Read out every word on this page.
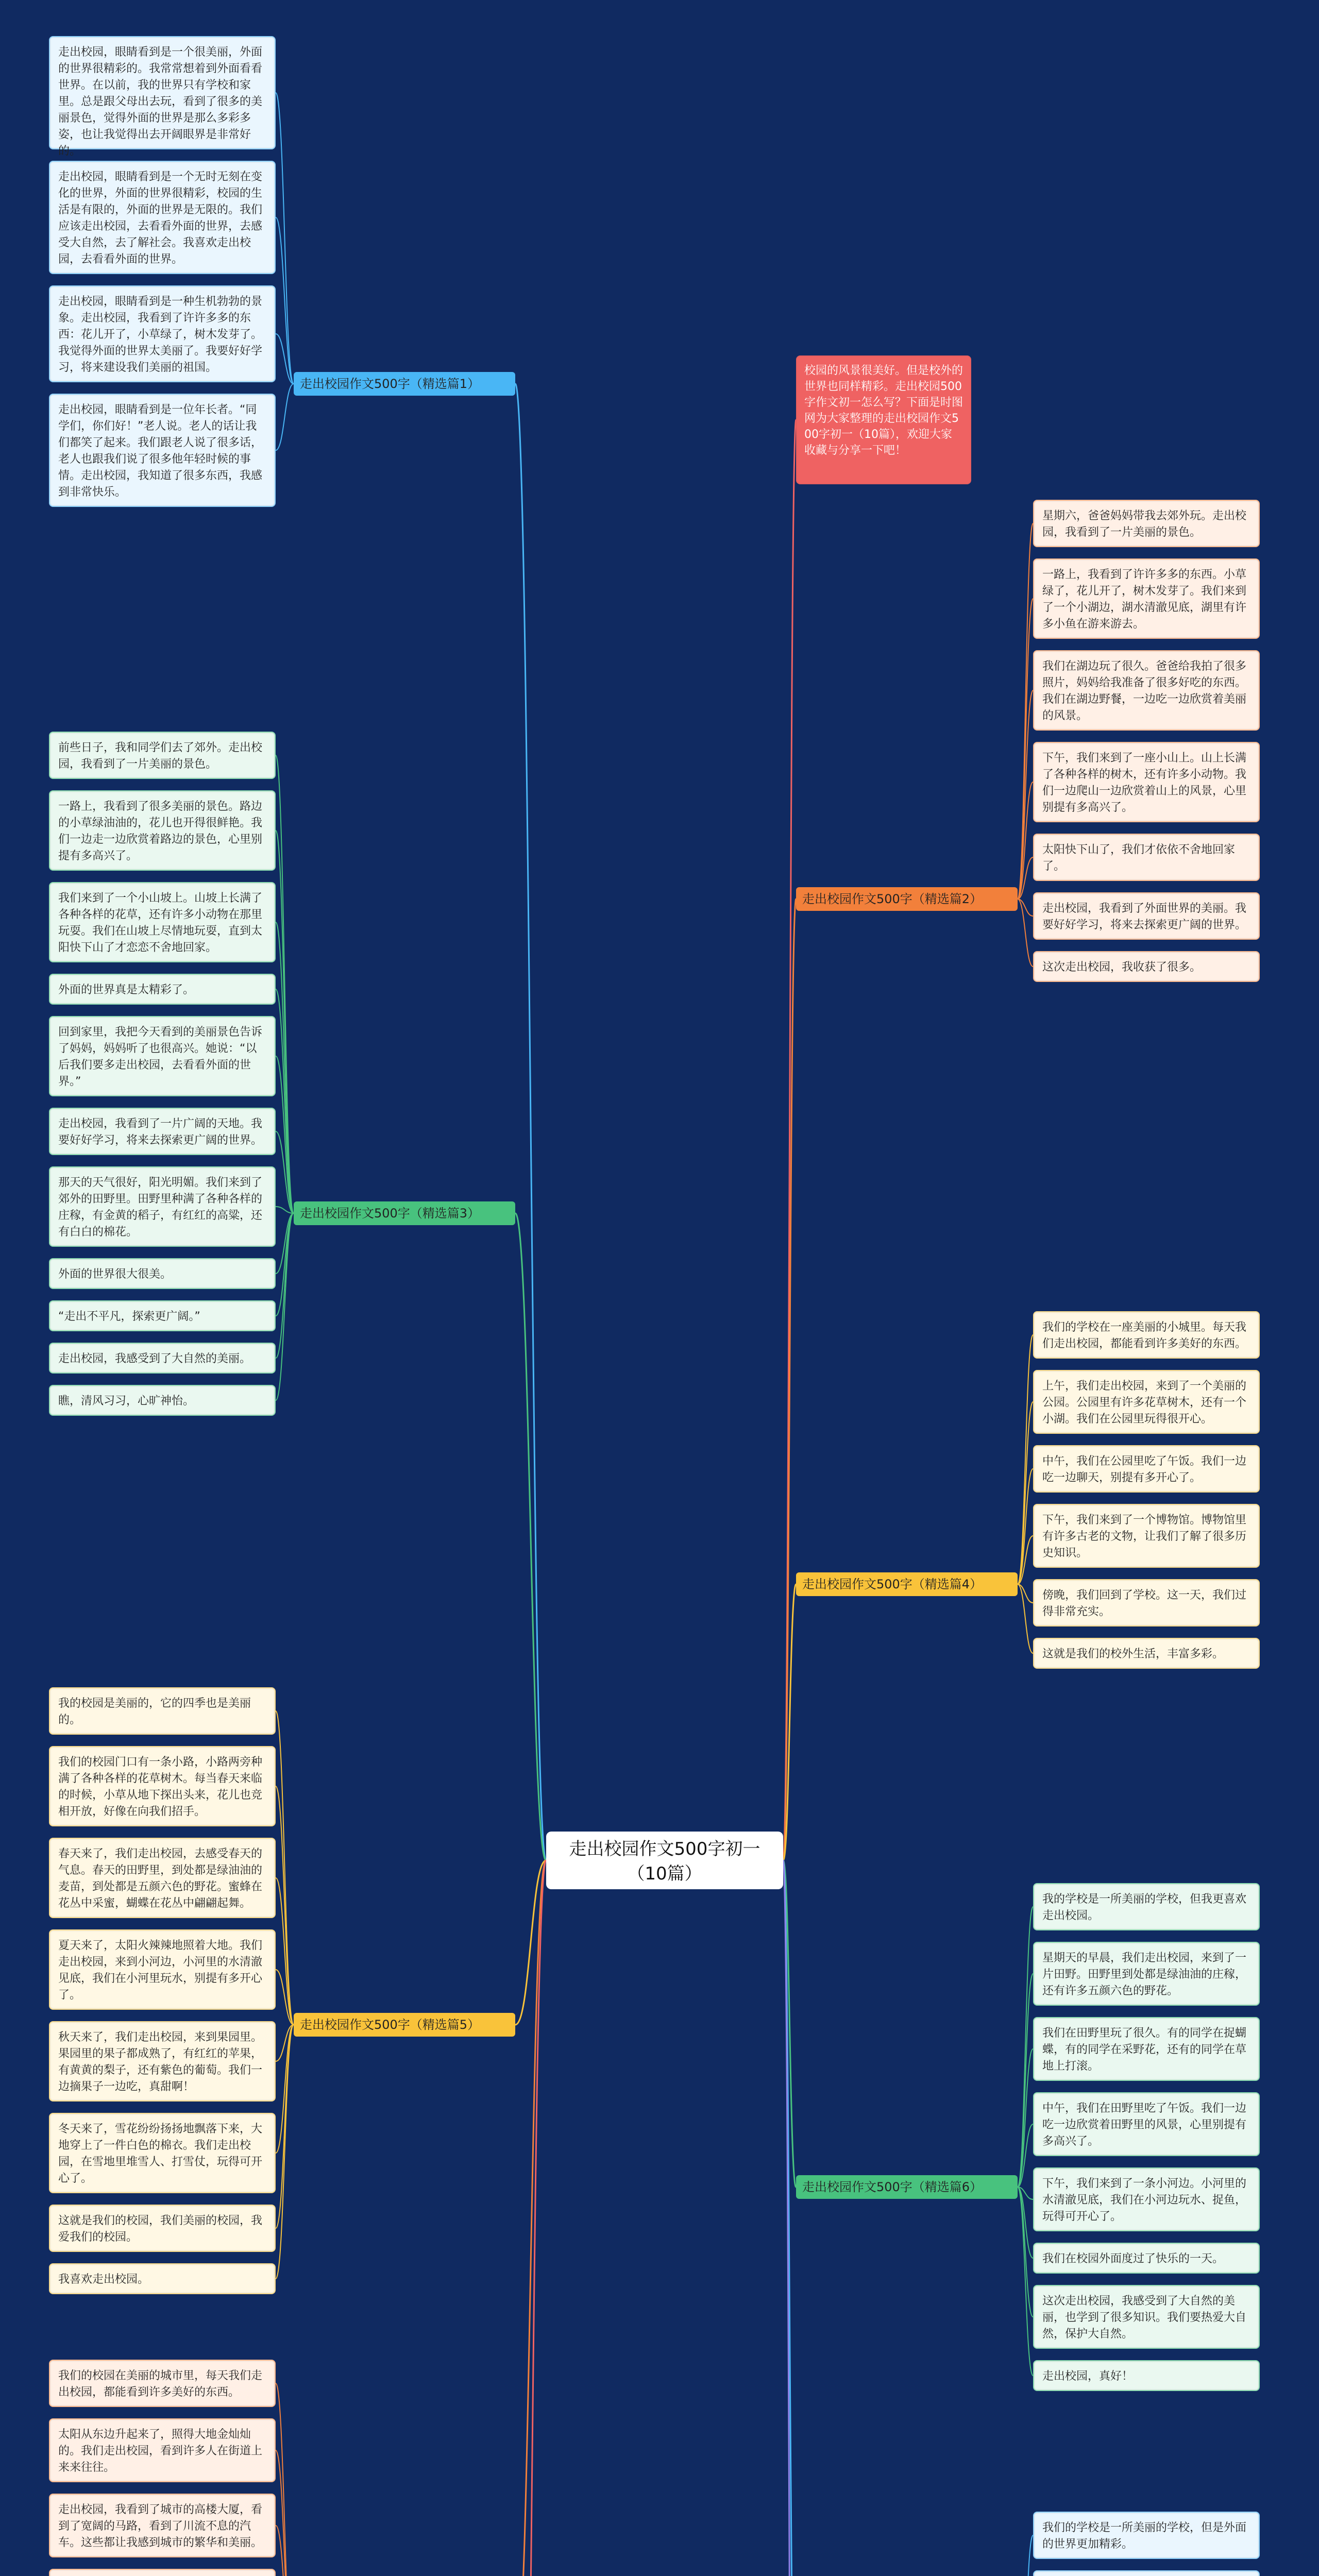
走出校园作文500字初一（10篇）
校园的风景很美好。但是校外的世界也同样精彩。走出校园500字作文初一怎么写？下面是时图网为大家整理的走出校园作文500字初一（10篇），欢迎大家收藏与分享一下吧！
走出校园作文500字（精选篇1）
走出校园，眼睛看到是一个很美丽，外面的世界很精彩的。我常常想着到外面看看世界。在以前，我的世界只有学校和家里。总是跟父母出去玩，看到了很多的美丽景色，觉得外面的世界是那么多彩多姿，也让我觉得出去开阔眼界是非常好的。
走出校园，眼睛看到是一个无时无刻在变化的世界，外面的世界很精彩，校园的生活是有限的，外面的世界是无限的。我们应该走出校园，去看看外面的世界，去感受大自然，去了解社会。我喜欢走出校园，去看看外面的世界。
走出校园，眼睛看到是一种生机勃勃的景象。走出校园，我看到了许许多多的东西：花儿开了，小草绿了，树木发芽了。我觉得外面的世界太美丽了。我要好好学习，将来建设我们美丽的祖国。
走出校园，眼睛看到是一位年长者。“同学们，你们好！”老人说。老人的话让我们都笑了起来。我们跟老人说了很多话，老人也跟我们说了很多他年轻时候的事情。走出校园，我知道了很多东西，我感到非常快乐。
走出校园作文500字（精选篇3）
前些日子，我和同学们去了郊外。走出校园，我看到了一片美丽的景色。
一路上，我看到了很多美丽的景色。路边的小草绿油油的，花儿也开得很鲜艳。我们一边走一边欣赏着路边的景色，心里别提有多高兴了。
我们来到了一个小山坡上。山坡上长满了各种各样的花草，还有许多小动物在那里玩耍。我们在山坡上尽情地玩耍，直到太阳快下山了才恋恋不舍地回家。
外面的世界真是太精彩了。
回到家里，我把今天看到的美丽景色告诉了妈妈，妈妈听了也很高兴。她说：“以后我们要多走出校园，去看看外面的世界。”
走出校园，我看到了一片广阔的天地。我要好好学习，将来去探索更广阔的世界。
那天的天气很好，阳光明媚。我们来到了郊外的田野里。田野里种满了各种各样的庄稼，有金黄的稻子，有红红的高粱，还有白白的棉花。
外面的世界很大很美。
“走出不平凡，探索更广阔。”
走出校园，我感受到了大自然的美丽。
瞧，清风习习，心旷神怡。
走出校园作文500字（精选篇5）
我的校园是美丽的，它的四季也是美丽的。
我们的校园门口有一条小路，小路两旁种满了各种各样的花草树木。每当春天来临的时候，小草从地下探出头来，花儿也竞相开放，好像在向我们招手。
春天来了，我们走出校园，去感受春天的气息。春天的田野里，到处都是绿油油的麦苗，到处都是五颜六色的野花。蜜蜂在花丛中采蜜，蝴蝶在花丛中翩翩起舞。
夏天来了，太阳火辣辣地照着大地。我们走出校园，来到小河边，小河里的水清澈见底，我们在小河里玩水，别提有多开心了。
秋天来了，我们走出校园，来到果园里。果园里的果子都成熟了，有红红的苹果，有黄黄的梨子，还有紫色的葡萄。我们一边摘果子一边吃，真甜啊！
冬天来了，雪花纷纷扬扬地飘落下来，大地穿上了一件白色的棉衣。我们走出校园，在雪地里堆雪人、打雪仗，玩得可开心了。
这就是我们的校园，我们美丽的校园，我爱我们的校园。
我喜欢走出校园。
我们的校园在美丽的城市里，每天我们走出校园，都能看到许多美好的东西。
太阳从东边升起来了，照得大地金灿灿的。我们走出校园，看到许多人在街道上来来往往。
走出校园，我看到了城市的高楼大厦，看到了宽阔的马路，看到了川流不息的汽车。这些都让我感到城市的繁华和美丽。
走出校园作文500字（精选篇2）
星期六，爸爸妈妈带我去郊外玩。走出校园，我看到了一片美丽的景色。
一路上，我看到了许许多多的东西。小草绿了，花儿开了，树木发芽了。我们来到了一个小湖边，湖水清澈见底，湖里有许多小鱼在游来游去。
我们在湖边玩了很久。爸爸给我拍了很多照片，妈妈给我准备了很多好吃的东西。我们在湖边野餐，一边吃一边欣赏着美丽的风景。
下午，我们来到了一座小山上。山上长满了各种各样的树木，还有许多小动物。我们一边爬山一边欣赏着山上的风景，心里别提有多高兴了。
太阳快下山了，我们才依依不舍地回家了。
走出校园，我看到了外面世界的美丽。我要好好学习，将来去探索更广阔的世界。
这次走出校园，我收获了很多。
走出校园作文500字（精选篇4）
我们的学校在一座美丽的小城里。每天我们走出校园，都能看到许多美好的东西。
上午，我们走出校园，来到了一个美丽的公园。公园里有许多花草树木，还有一个小湖。我们在公园里玩得很开心。
中午，我们在公园里吃了午饭。我们一边吃一边聊天，别提有多开心了。
下午，我们来到了一个博物馆。博物馆里有许多古老的文物，让我们了解了很多历史知识。
傍晚，我们回到了学校。这一天，我们过得非常充实。
这就是我们的校外生活，丰富多彩。
走出校园作文500字（精选篇6）
我的学校是一所美丽的学校，但我更喜欢走出校园。
星期天的早晨，我们走出校园，来到了一片田野。田野里到处都是绿油油的庄稼，还有许多五颜六色的野花。
我们在田野里玩了很久。有的同学在捉蝴蝶，有的同学在采野花，还有的同学在草地上打滚。
中午，我们在田野里吃了午饭。我们一边吃一边欣赏着田野里的风景，心里别提有多高兴了。
下午，我们来到了一条小河边。小河里的水清澈见底，我们在小河边玩水、捉鱼，玩得可开心了。
我们在校园外面度过了快乐的一天。
这次走出校园，我感受到了大自然的美丽，也学到了很多知识。我们要热爱大自然，保护大自然。
走出校园，真好！
我们的学校是一所美丽的学校，但是外面的世界更加精彩。
